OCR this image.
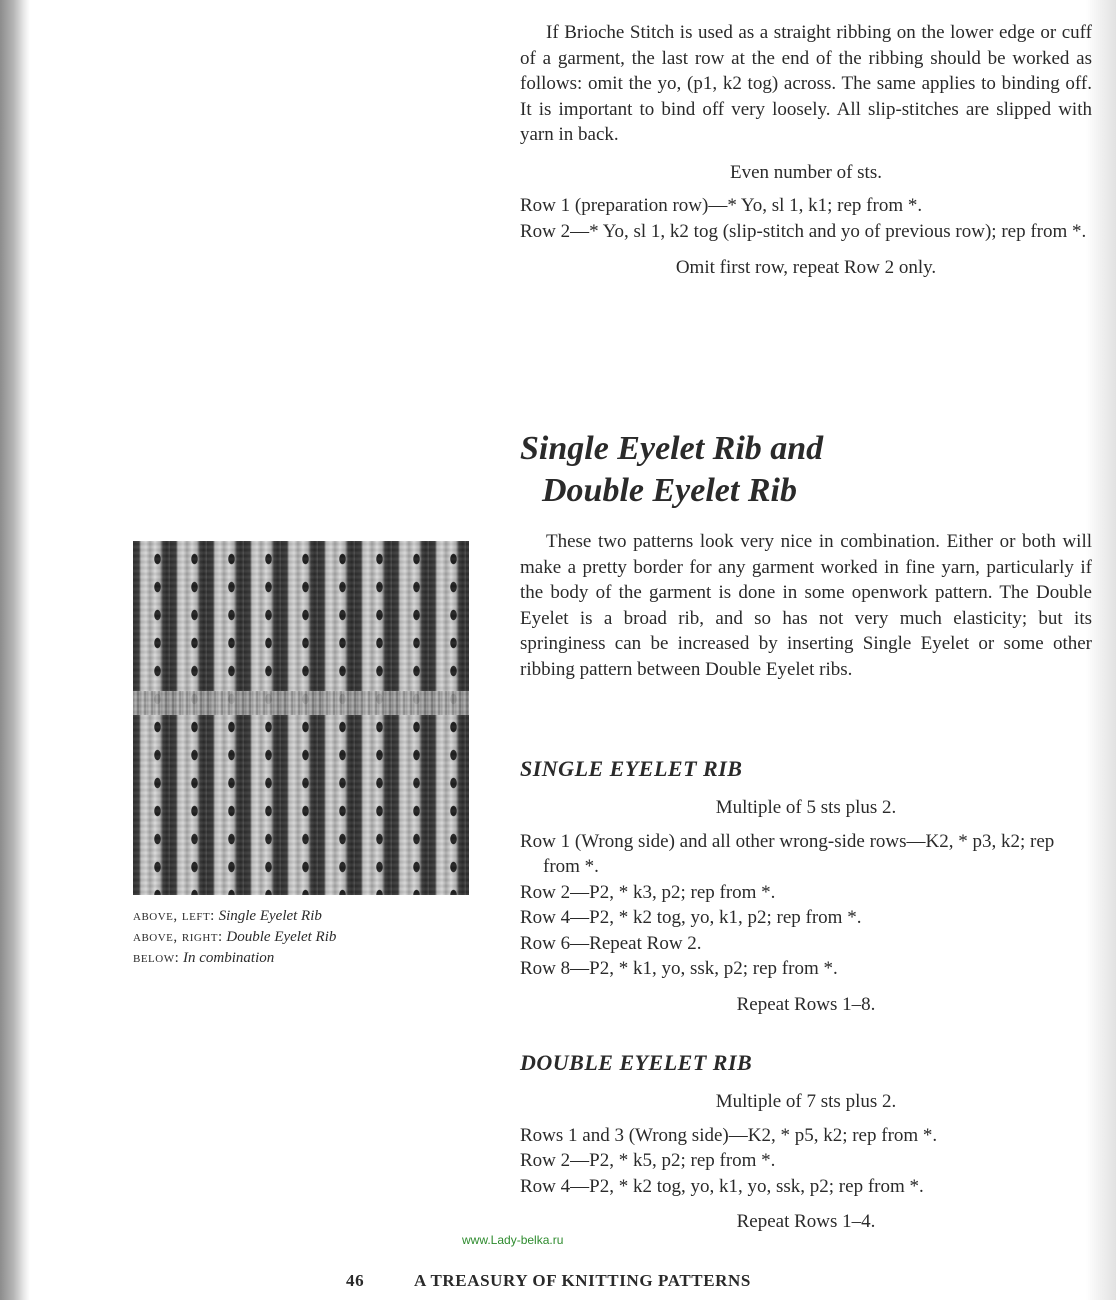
If Brioche Stitch is used as a straight ribbing on the lower edge or cuff of a garment, the last row at the end of the ribbing should be worked as follows: omit the yo, (p1, k2 tog) across. The same applies to binding off. It is important to bind off very loosely. All slip-stitches are slipped with yarn in back.

Even number of sts.

Row 1 (preparation row)—* Yo, sl 1, k1; rep from *.

Row 2—* Yo, sl 1, k2 tog (slip-stitch and yo of previous row); rep from *.

Omit first row, repeat Row 2 only.

Single Eyelet Rib and
Double Eyelet Rib

These two patterns look very nice in combination. Either or both will make a pretty border for any garment worked in fine yarn, particularly if the body of the garment is done in some openwork pattern. The Double Eyelet is a broad rib, and so has not very much elasticity; but its springiness can be increased by inserting Single Eyelet or some other ribbing pattern between Double Eyelet ribs.

SINGLE EYELET RIB

Multiple of 5 sts plus 2.

Row 1 (Wrong side) and all other wrong-side rows—K2, * p3, k2; rep from *.

Row 2—P2, * k3, p2; rep from *.

Row 4—P2, * k2 tog, yo, k1, p2; rep from *.

Row 6—Repeat Row 2.

Row 8—P2, * k1, yo, ssk, p2; rep from *.

Repeat Rows 1–8.

DOUBLE EYELET RIB

Multiple of 7 sts plus 2.

Rows 1 and 3 (Wrong side)—K2, * p5, k2; rep from *.

Row 2—P2, * k5, p2; rep from *.

Row 4—P2, * k2 tog, yo, k1, yo, ssk, p2; rep from *.

Repeat Rows 1–4.

above, left: Single Eyelet Rib
above, right: Double Eyelet Rib
below: In combination
www.Lady-belka.ru
46	A TREASURY OF KNITTING PATTERNS
